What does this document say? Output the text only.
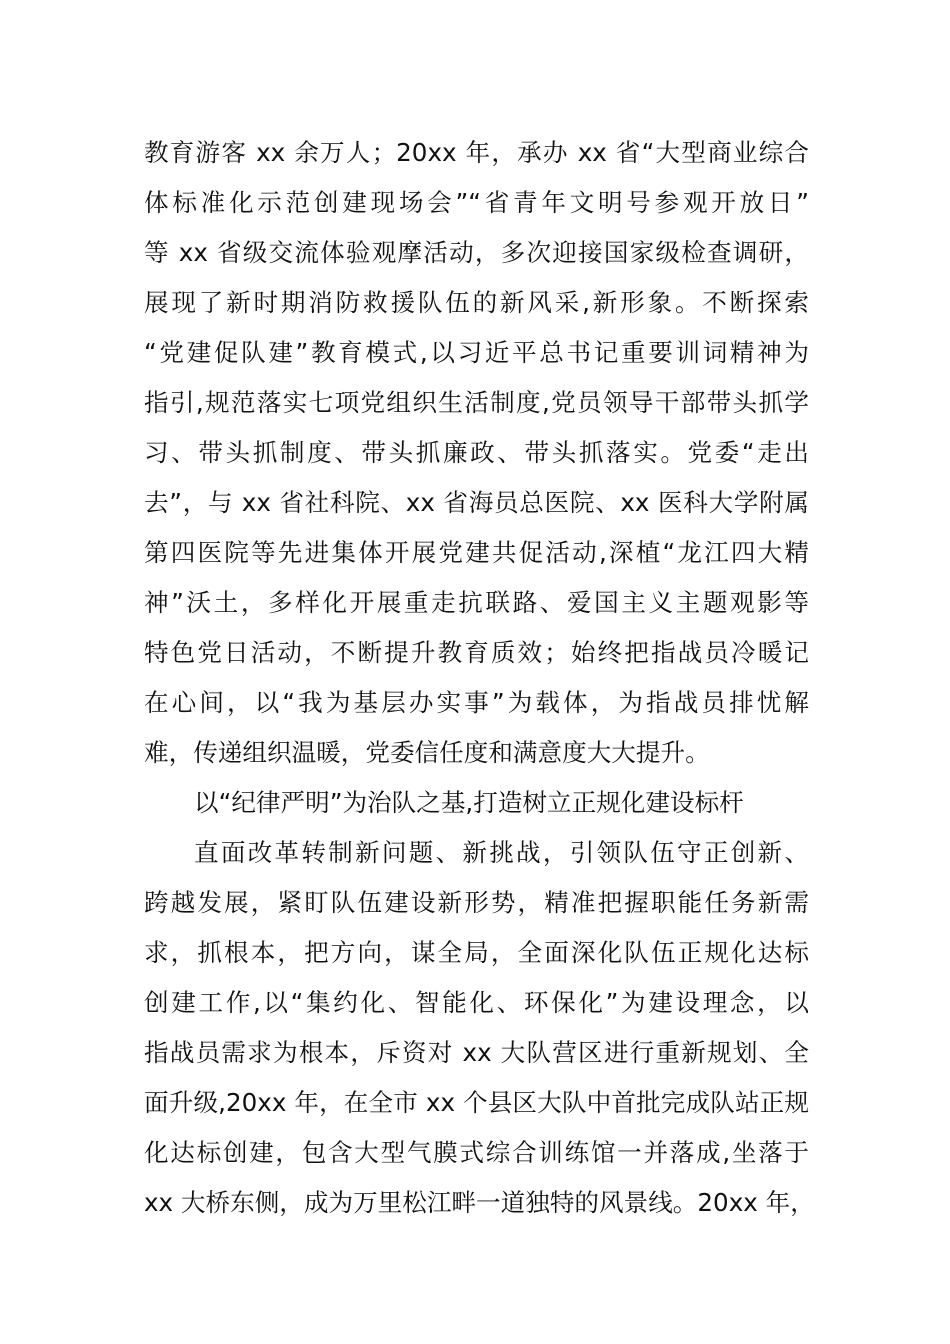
教育游客 xx 余万人；20xx 年，承办 xx 省“大型商业综合
体标准化示范创建现场会”“省青年文明号参观开放日”
等 xx 省级交流体验观摩活动，多次迎接国家级检查调研，
展现了新时期消防救援队伍的新风采,新形象。不断探索
“党建促队建”教育模式,以习近平总书记重要训词精神为
指引,规范落实七项党组织生活制度,党员领导干部带头抓学
习、带头抓制度、带头抓廉政、带头抓落实。党委“走出
去”，与 xx 省社科院、xx 省海员总医院、xx 医科大学附属
第四医院等先进集体开展党建共促活动,深植“龙江四大精
神”沃土，多样化开展重走抗联路、爱国主义主题观影等
特色党日活动，不断提升教育质效；始终把指战员冷暖记
在心间，以“我为基层办实事”为载体，为指战员排忧解
难，传递组织温暖，党委信任度和满意度大大提升。
以“纪律严明”为治队之基,打造树立正规化建设标杆
直面改革转制新问题、新挑战，引领队伍守正创新、
跨越发展，紧盯队伍建设新形势，精准把握职能任务新需
求，抓根本，把方向，谋全局，全面深化队伍正规化达标
创建工作,以“集约化、智能化、环保化”为建设理念，以
指战员需求为根本，斥资对 xx 大队营区进行重新规划、全
面升级,20xx 年，在全市 xx 个县区大队中首批完成队站正规
化达标创建，包含大型气膜式综合训练馆一并落成,坐落于
xx 大桥东侧，成为万里松江畔一道独特的风景线。20xx 年，
